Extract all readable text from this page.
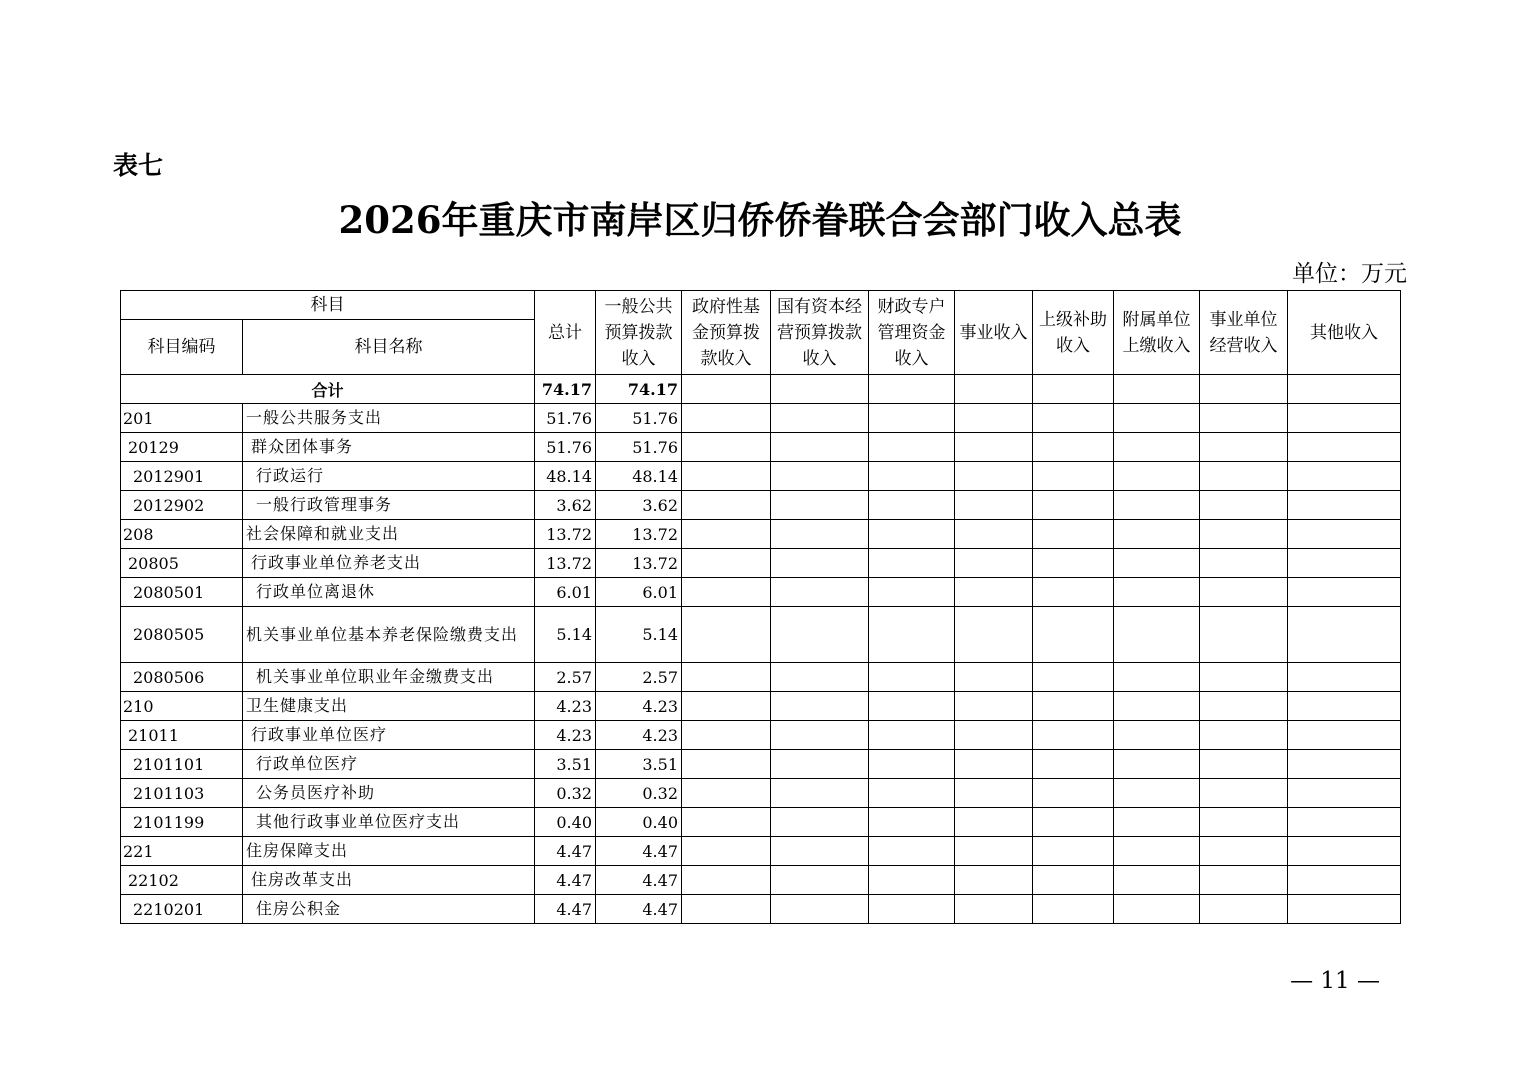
表七
2026年重庆市南岸区归侨侨眷联合会部门收入总表
单位：万元
科目		总计	一般公共预算拨款收入	政府性基金预算拨款收入	国有资本经营预算拨款收入	财政专户管理资金收入	事业收入	上级补助收入	附属单位上缴收入	事业单位经营收入	其他收入
科目编码	科目名称										
合计		74.17	74.17								
201	一般公共服务支出	51.76	51.76								
20129	群众团体事务	51.76	51.76								
2012901	行政运行	48.14	48.14								
2012902	一般行政管理事务	3.62	3.62								
208	社会保障和就业支出	13.72	13.72								
20805	行政事业单位养老支出	13.72	13.72								
2080501	行政单位离退休	6.01	6.01								
2080505	机关事业单位基本养老保险缴费支出	5.14	5.14								
2080506	机关事业单位职业年金缴费支出	2.57	2.57								
210	卫生健康支出	4.23	4.23								
21011	行政事业单位医疗	4.23	4.23								
2101101	行政单位医疗	3.51	3.51								
2101103	公务员医疗补助	0.32	0.32								
2101199	其他行政事业单位医疗支出	0.40	0.40								
221	住房保障支出	4.47	4.47								
22102	住房改革支出	4.47	4.47								
2210201	住房公积金	4.47	4.47								
— 11 —
